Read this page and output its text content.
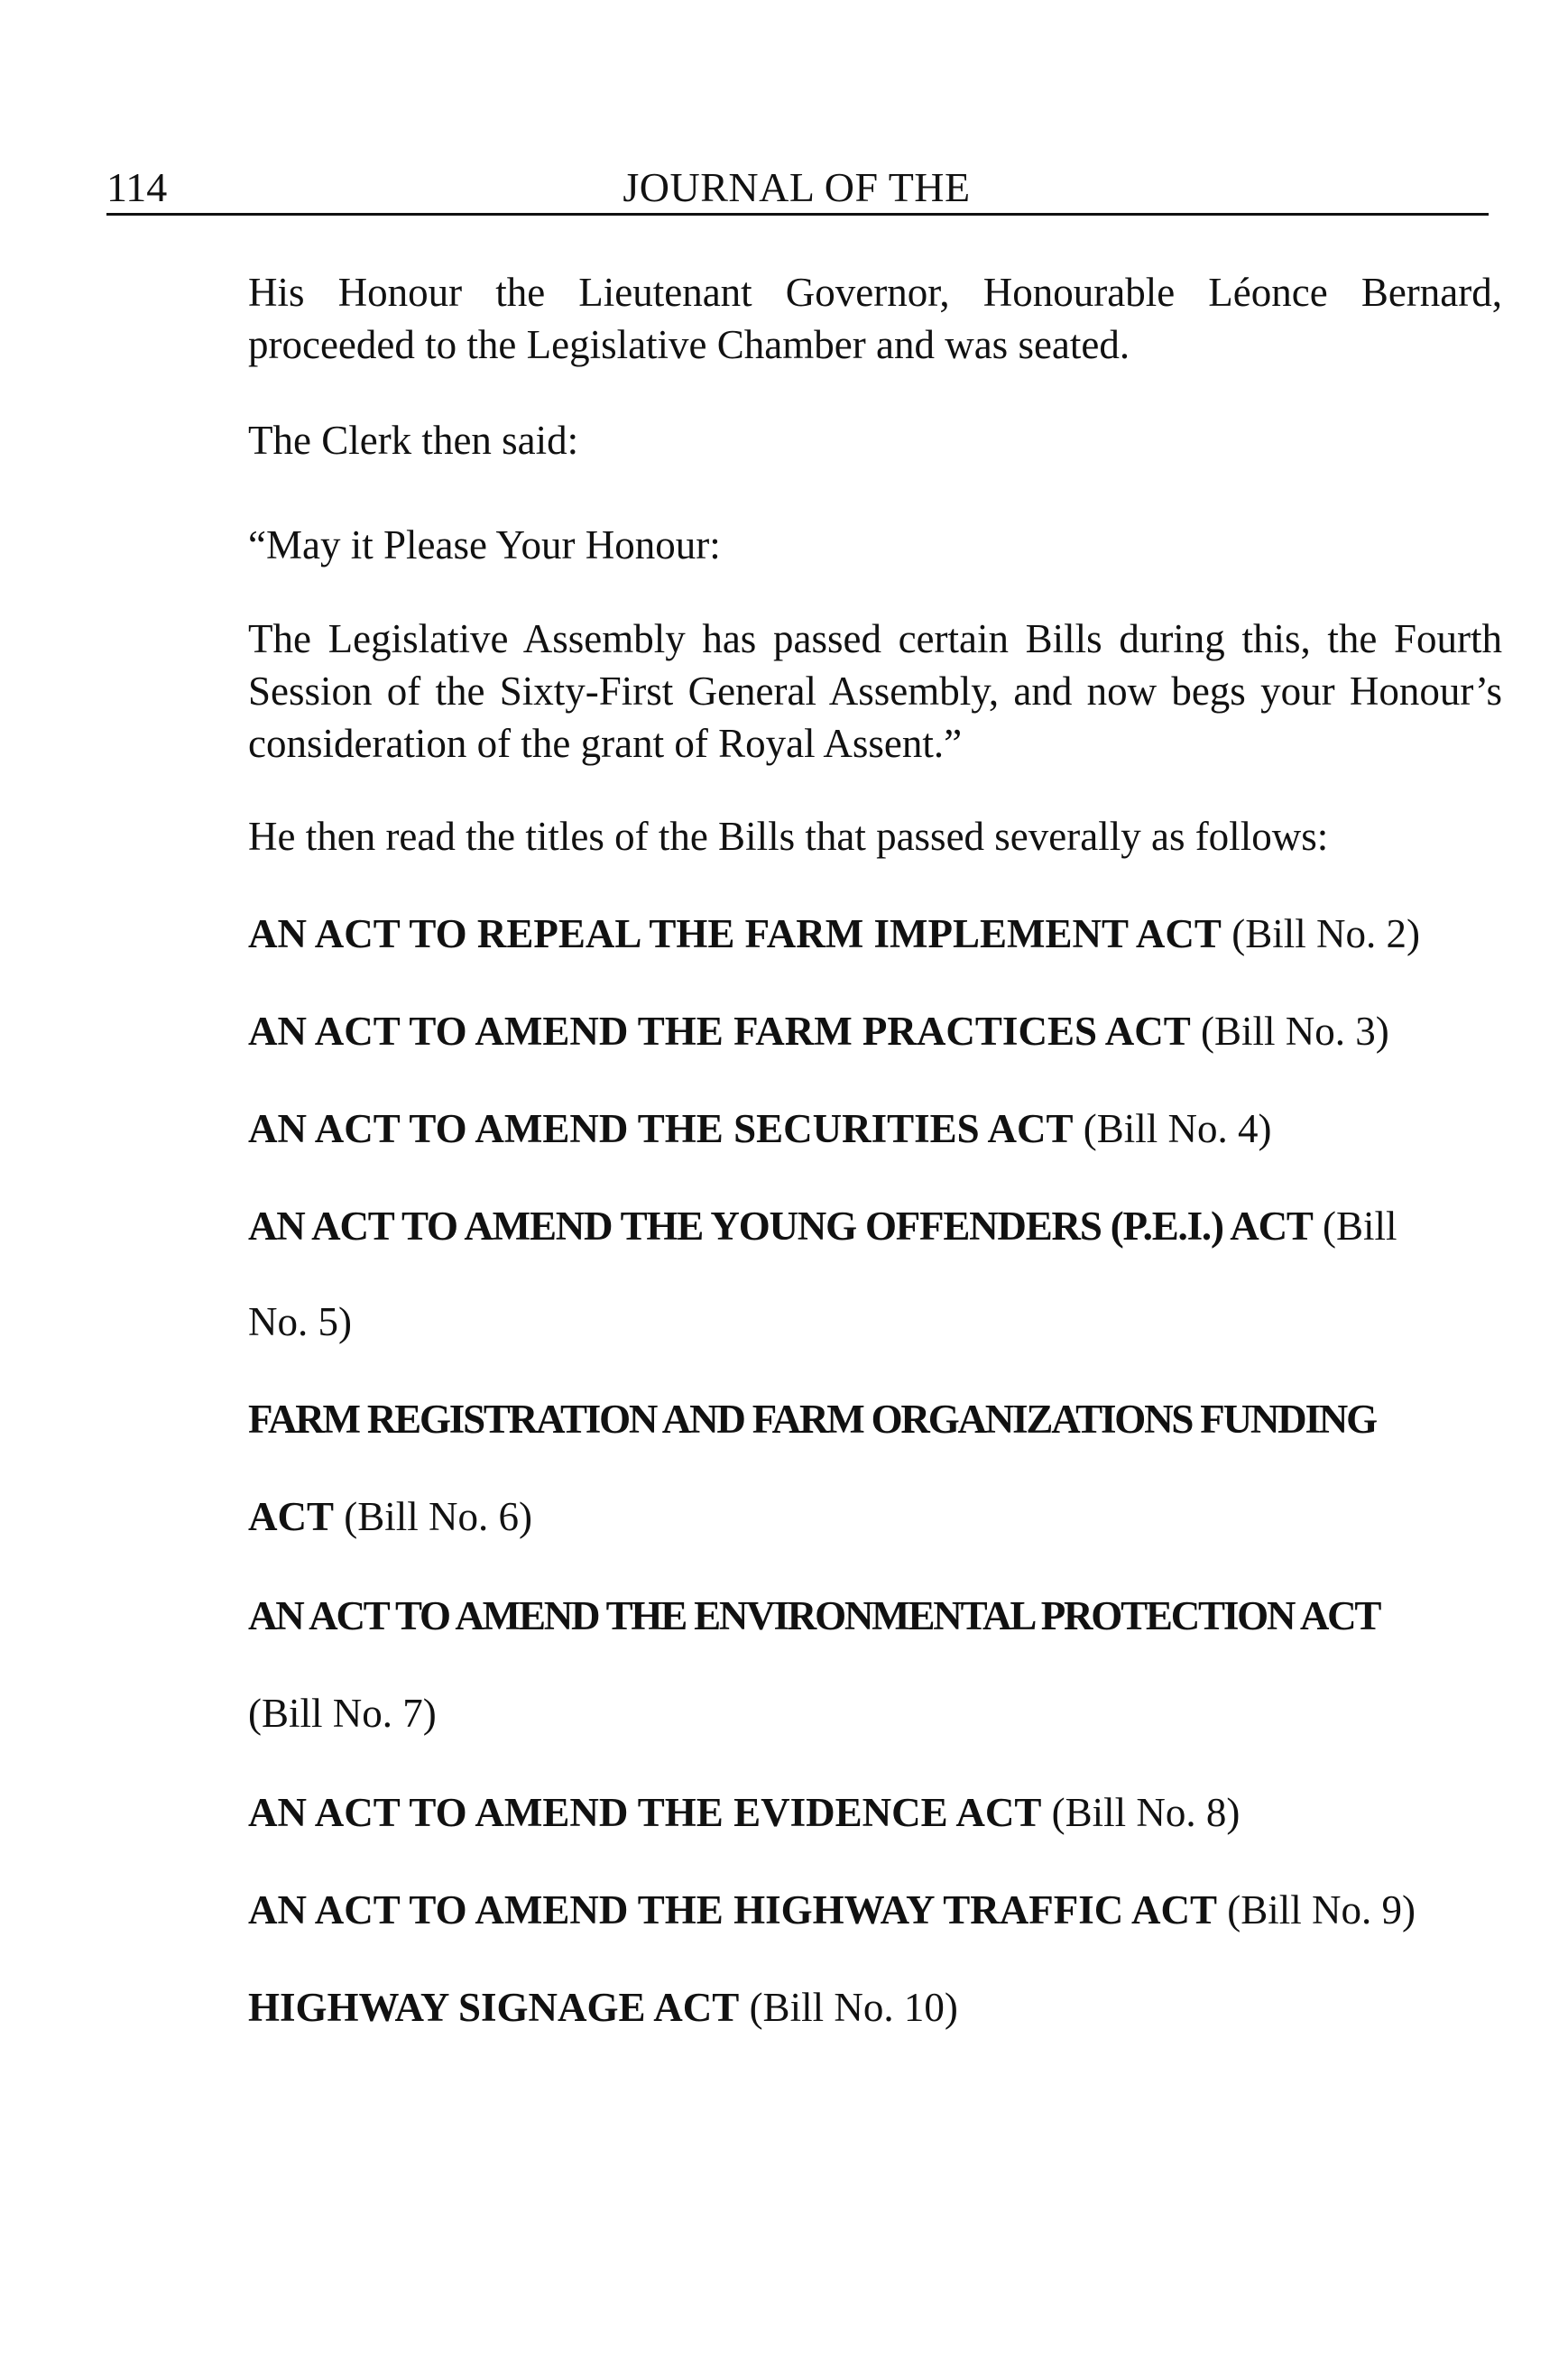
114	JOURNAL OF THE
His Honour the Lieutenant Governor, Honourable Léonce Bernard, proceeded to the Legislative Chamber and was seated.
The Clerk then said:
“May it Please Your Honour:
The Legislative Assembly has passed certain Bills during this, the Fourth Session of the Sixty-First General Assembly, and now begs your Honour’s consideration of the grant of Royal Assent.”
He then read the titles of the Bills that passed severally as follows:
AN ACT TO REPEAL THE FARM IMPLEMENT ACT (Bill No. 2)
AN ACT TO AMEND THE FARM PRACTICES ACT (Bill No. 3)
AN ACT TO AMEND THE SECURITIES ACT (Bill No. 4)
AN ACT TO AMEND THE YOUNG OFFENDERS (P.E.I.) ACT (Bill
No. 5)
FARM REGISTRATION AND FARM ORGANIZATIONS FUNDING
ACT (Bill No. 6)
AN ACT TO AMEND THE ENVIRONMENTAL PROTECTION ACT
(Bill No. 7)
AN ACT TO AMEND THE EVIDENCE ACT (Bill No. 8)
AN ACT TO AMEND THE HIGHWAY TRAFFIC ACT (Bill No. 9)
HIGHWAY SIGNAGE ACT (Bill No. 10)
